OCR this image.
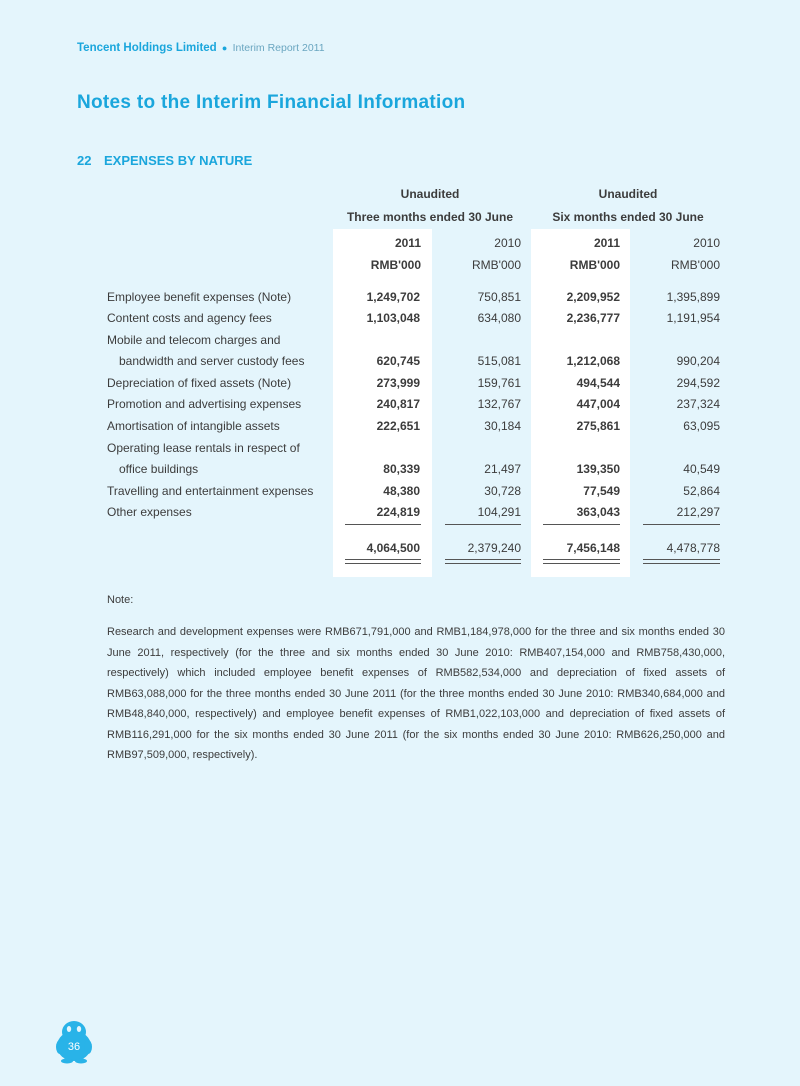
Tencent Holdings Limited ● Interim Report 2011
Notes to the Interim Financial Information
22 EXPENSES BY NATURE
Unaudited
Three months ended 30 June
Unaudited
Six months ended 30 June
2011	2010	2011	2010
RMB'000	RMB'000	RMB'000	RMB'000
Employee benefit expenses (Note)	1,249,702	750,851	2,209,952	1,395,899
Content costs and agency fees	1,103,048	634,080	2,236,777	1,191,954
Mobile and telecom charges and
bandwidth and server custody fees	620,745	515,081	1,212,068	990,204
Depreciation of fixed assets (Note)	273,999	159,761	494,544	294,592
Promotion and advertising expenses	240,817	132,767	447,004	237,324
Amortisation of intangible assets	222,651	30,184	275,861	63,095
Operating lease rentals in respect of
office buildings	80,339	21,497	139,350	40,549
Travelling and entertainment expenses	48,380	30,728	77,549	52,864
Other expenses	224,819	104,291	363,043	212,297
4,064,500	2,379,240	7,456,148	4,478,778
Note:
Research and development expenses were RMB671,791,000 and RMB1,184,978,000 for the three and six months ended 30 June 2011, respectively (for the three and six months ended 30 June 2010: RMB407,154,000 and RMB758,430,000, respectively) which included employee benefit expenses of RMB582,534,000 and depreciation of fixed assets of RMB63,088,000 for the three months ended 30 June 2011 (for the three months ended 30 June 2010: RMB340,684,000 and RMB48,840,000, respectively) and employee benefit expenses of RMB1,022,103,000 and depreciation of fixed assets of RMB116,291,000 for the six months ended 30 June 2011 (for the six months ended 30 June 2010: RMB626,250,000 and RMB97,509,000, respectively).
36
